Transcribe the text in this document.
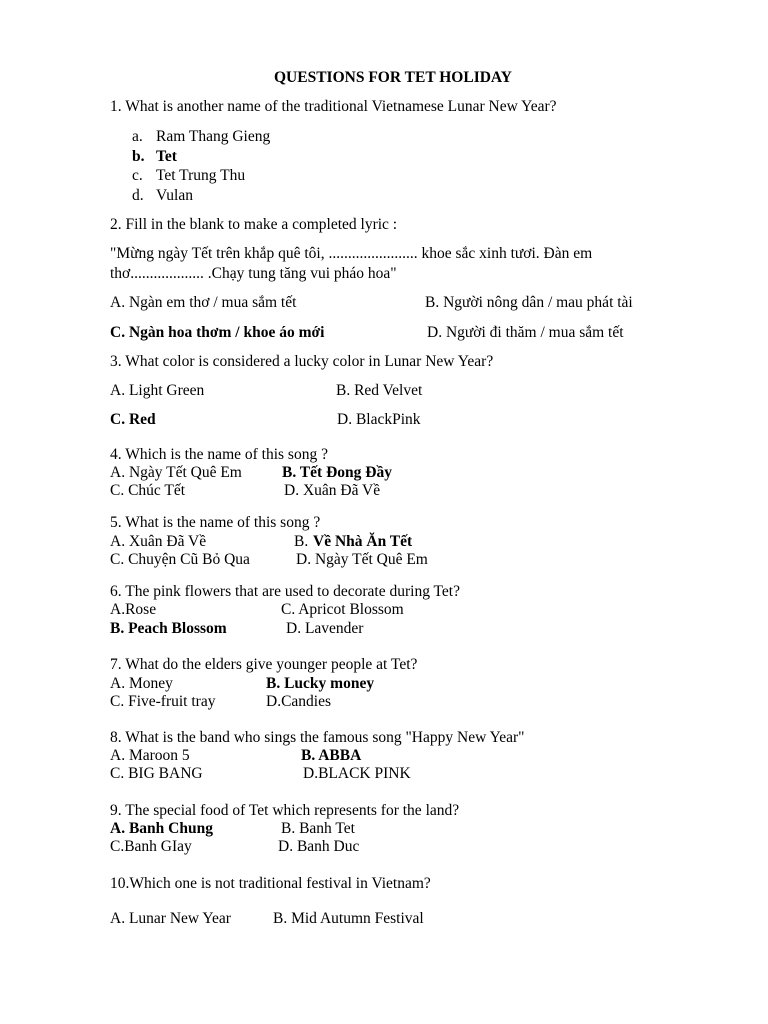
QUESTIONS FOR TET HOLIDAY
1. What is another name of the traditional Vietnamese Lunar New Year?
a. Ram Thang Gieng
b. Tet
c. Tet Trung Thu
d. Vulan
2. Fill in the blank to make a completed lyric :
"Mừng ngày Tết trên khắp quê tôi, ....................... khoe sắc xinh tươi. Đàn em
thơ................... .Chạy tung tăng vui pháo hoa"
A. Ngàn em thơ / mua sắm tết	B. Người nông dân / mau phát tài
C. Ngàn hoa thơm / khoe áo mới	D. Người đi thăm / mua sắm tết
3. What color is considered a lucky color in Lunar New Year?
A. Light Green	B. Red Velvet
C. Red	D. BlackPink
4. Which is the name of this song ?
A. Ngày Tết Quê Em	B. Tết Đong Đầy
C. Chúc Tết	D. Xuân Đã Về
5. What is the name of this song ?
A. Xuân Đã Về	B. Về Nhà Ăn Tết
C. Chuyện Cũ Bỏ Qua	D. Ngày Tết Quê Em
6. The pink flowers that are used to decorate during Tet?
A.Rose	C. Apricot Blossom
B. Peach Blossom	D. Lavender
7. What do the elders give younger people at Tet?
A. Money	B. Lucky money
C. Five-fruit tray	D.Candies
8. What is the band who sings the famous song "Happy New Year"
A. Maroon 5	B. ABBA
C. BIG BANG	D.BLACK PINK
9. The special food of Tet which represents for the land?
A. Banh Chung	B. Banh Tet
C.Banh GIay	D. Banh Duc
10.Which one is not traditional festival in Vietnam?
A. Lunar New Year	B. Mid Autumn Festival
